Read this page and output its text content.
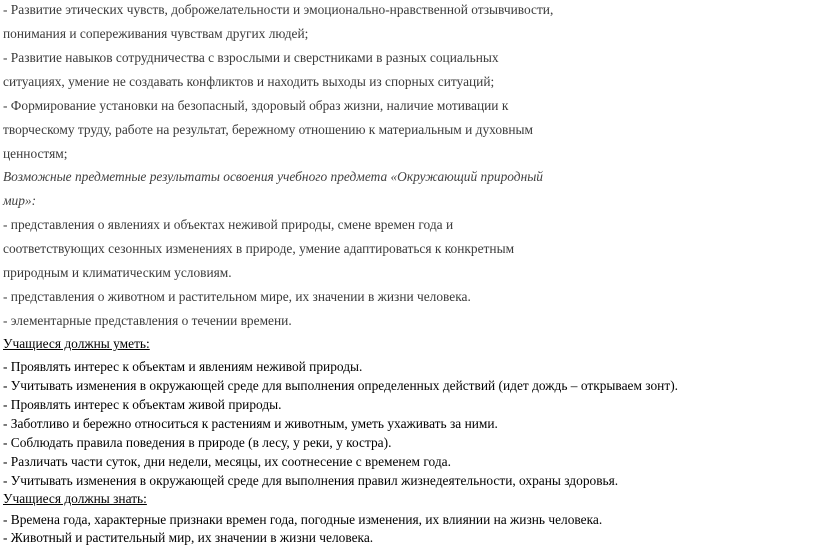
- Развитие этических чувств, доброжелательности и эмоционально-нравственной отзывчивости,
понимания и сопереживания чувствам других людей;
- Развитие навыков сотрудничества с взрослыми и сверстниками в разных социальных
ситуациях, умение не создавать конфликтов и находить выходы из спорных ситуаций;
- Формирование установки на безопасный, здоровый образ жизни, наличие мотивации к
творческому труду, работе на результат, бережному отношению к материальным и духовным
ценностям;
Возможные предметные результаты освоения учебного предмета «Окружающий природный
мир»:
- представления о явлениях и объектах неживой природы, смене времен года и
соответствующих сезонных изменениях в природе, умение адаптироваться к конкретным
природным и климатическим условиям.
- представления о животном и растительном мире, их значении в жизни человека.
- элементарные представления о течении времени.
Учащиеся должны уметь:
- Проявлять интерес к объектам и явлениям неживой природы.
- Учитывать изменения в окружающей среде для выполнения определенных действий (идет дождь – открываем зонт).
- Проявлять интерес к объектам живой природы.
- Заботливо и бережно относиться к растениям и животным, уметь ухаживать за ними.
- Соблюдать правила поведения в природе (в лесу, у реки, у костра).
- Различать части суток, дни недели, месяцы, их соотнесение с временем года.
- Учитывать изменения в окружающей среде для выполнения правил жизнедеятельности, охраны здоровья.
Учащиеся должны знать:
- Времена года, характерные признаки времен года, погодные изменения, их влиянии на жизнь человека.
- Животный и растительный мир, их значении в жизни человека.
